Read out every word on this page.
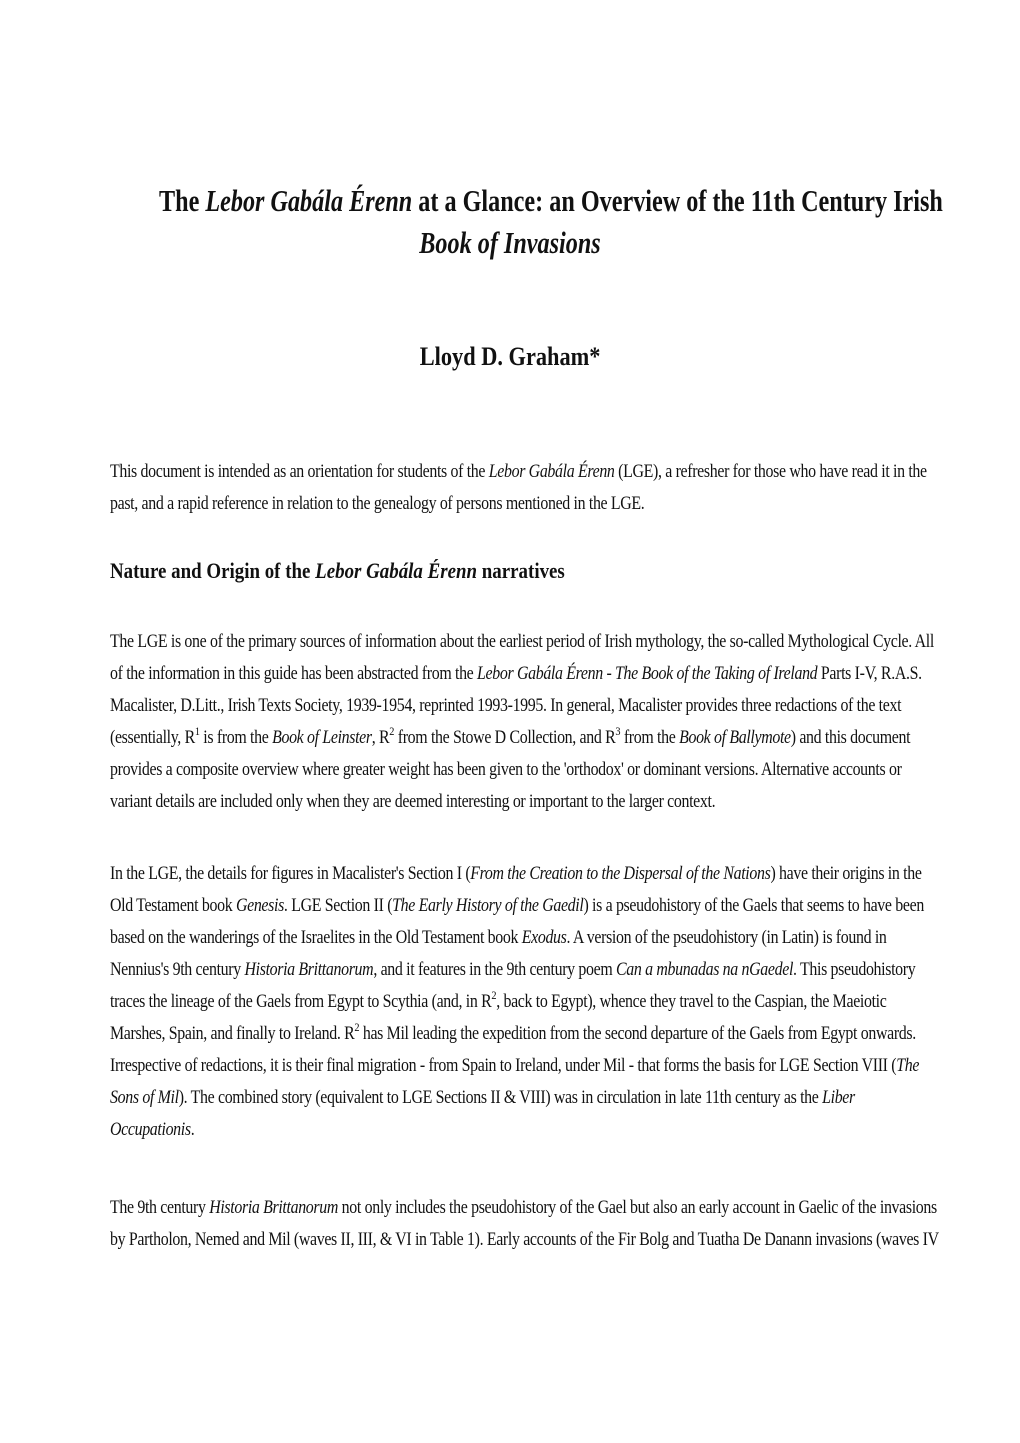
The Lebor Gabála Érenn at a Glance: an Overview of the 11th Century Irish
Book of Invasions
Lloyd D. Graham*
This document is intended as an orientation for students of the Lebor Gabála Érenn (LGE), a refresher for those who have read it in the
past, and a rapid reference in relation to the genealogy of persons mentioned in the LGE.
Nature and Origin of the Lebor Gabála Érenn narratives
The LGE is one of the primary sources of information about the earliest period of Irish mythology, the so-called Mythological Cycle. All
of the information in this guide has been abstracted from the Lebor Gabála Érenn - The Book of the Taking of Ireland Parts I-V, R.A.S.
Macalister, D.Litt., Irish Texts Society, 1939-1954, reprinted 1993-1995. In general, Macalister provides three redactions of the text
(essentially, $R^1$ is from the Book of Leinster, $R^2$ from the Stowe D Collection, and $R^3$ from the Book of Ballymote) and this document
provides a composite overview where greater weight has been given to the 'orthodox' or dominant versions. Alternative accounts or
variant details are included only when they are deemed interesting or important to the larger context.
In the LGE, the details for figures in Macalister's Section I (From the Creation to the Dispersal of the Nations) have their origins in the
Old Testament book Genesis. LGE Section II (The Early History of the Gaedil) is a pseudohistory of the Gaels that seems to have been
based on the wanderings of the Israelites in the Old Testament book Exodus. A version of the pseudohistory (in Latin) is found in
Nennius's 9th century Historia Brittanorum, and it features in the 9th century poem Can a mbunadas na nGaedel. This pseudohistory
traces the lineage of the Gaels from Egypt to Scythia (and, in $R^2$, back to Egypt), whence they travel to the Caspian, the Maeiotic
Marshes, Spain, and finally to Ireland. $R^2$ has Mil leading the expedition from the second departure of the Gaels from Egypt onwards.
Irrespective of redactions, it is their final migration - from Spain to Ireland, under Mil - that forms the basis for LGE Section VIII (The
Sons of Mil). The combined story (equivalent to LGE Sections II & VIII) was in circulation in late 11th century as the Liber
Occupationis.
The 9th century Historia Brittanorum not only includes the pseudohistory of the Gael but also an early account in Gaelic of the invasions
by Partholon, Nemed and Mil (waves II, III, & VI in Table 1). Early accounts of the Fir Bolg and Tuatha De Danann invasions (waves IV
